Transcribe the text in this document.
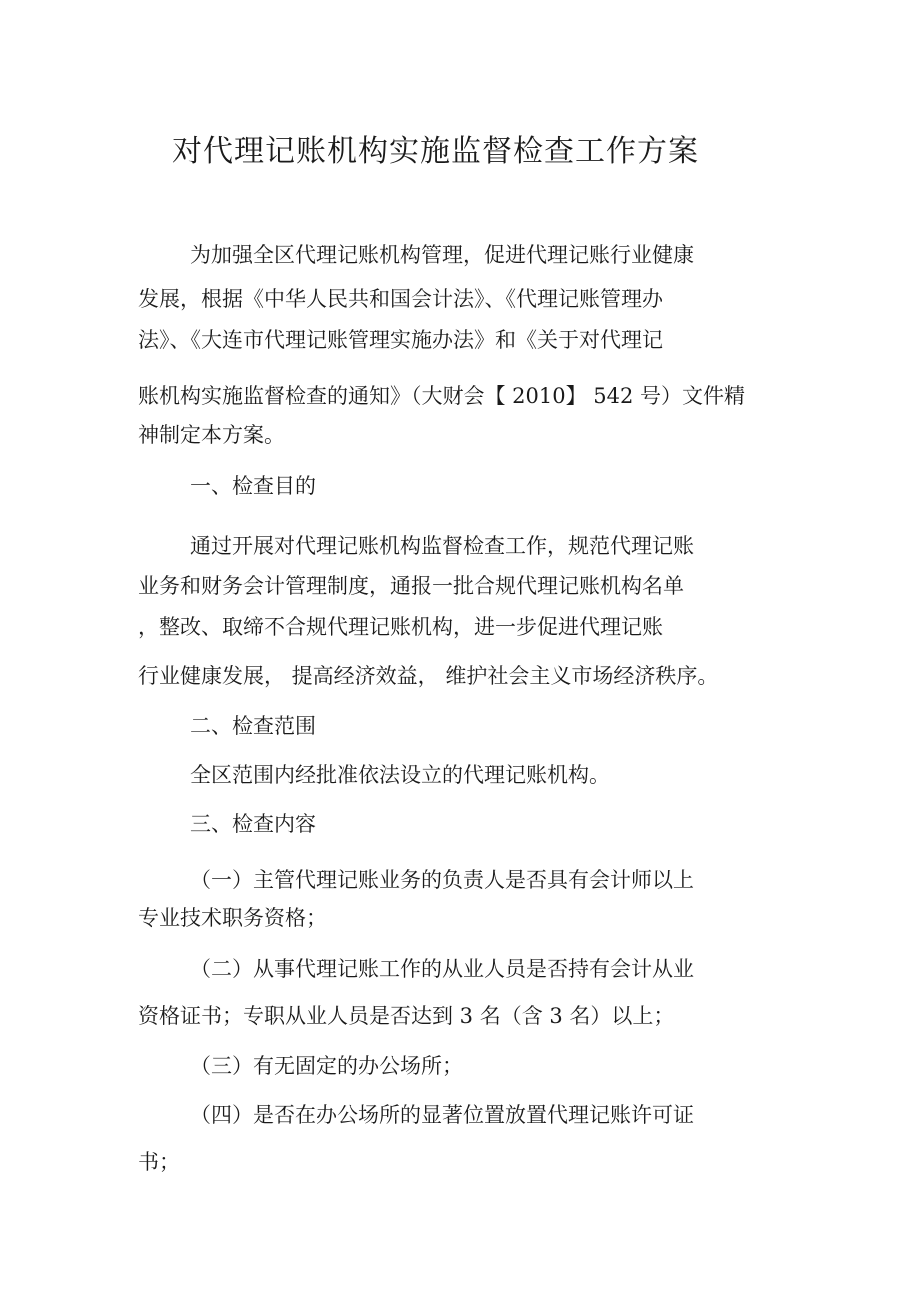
对代理记账机构实施监督检查工作方案
为加强全区代理记账机构管理，促进代理记账行业健康
发展，根据《中华人民共和国会计法》、《代理记账管理办
法》、《大连市代理记账管理实施办法》和《关于对代理记
账机构实施监督检查的通知》（大财会【 2010】 542 号）文件精
神制定本方案。
一、检查目的
通过开展对代理记账机构监督检查工作，规范代理记账
业务和财务会计管理制度，通报一批合规代理记账机构名单
，整改、取缔不合规代理记账机构，进一步促进代理记账
行业健康发展， 提高经济效益， 维护社会主义市场经济秩序。
二、检查范围
全区范围内经批准依法设立的代理记账机构。
三、检查内容
（一）主管代理记账业务的负责人是否具有会计师以上
专业技术职务资格；
（二）从事代理记账工作的从业人员是否持有会计从业
资格证书；专职从业人员是否达到 3 名（含 3 名）以上；
（三）有无固定的办公场所；
（四）是否在办公场所的显著位置放置代理记账许可证
书；
